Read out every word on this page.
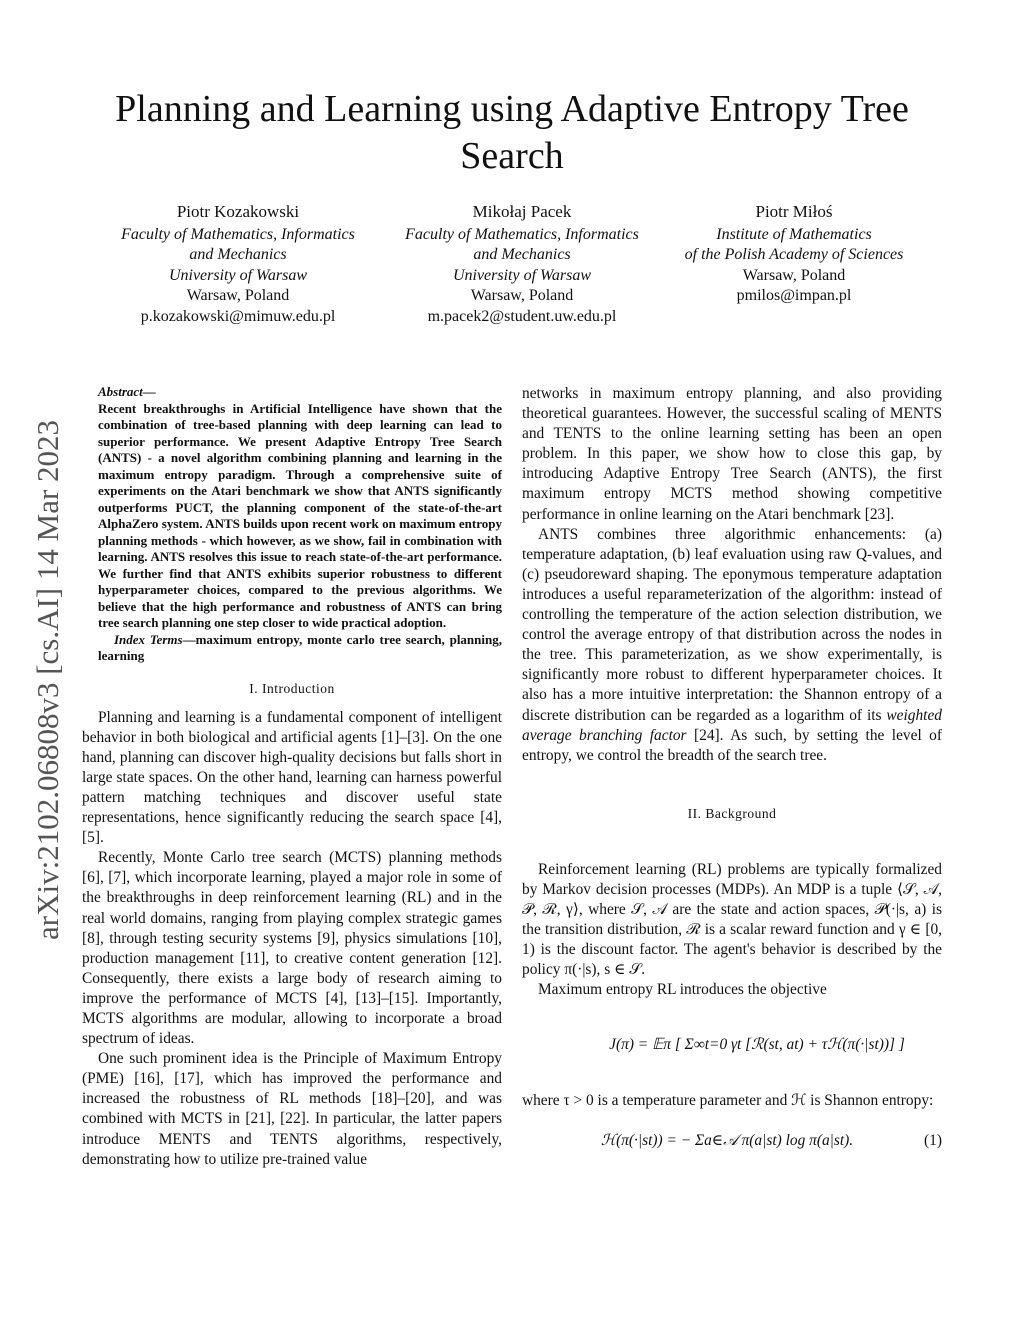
Planning and Learning using Adaptive Entropy Tree Search
Piotr Kozakowski
Faculty of Mathematics, Informatics
and Mechanics
University of Warsaw
Warsaw, Poland
p.kozakowski@mimuw.edu.pl
Mikołaj Pacek
Faculty of Mathematics, Informatics
and Mechanics
University of Warsaw
Warsaw, Poland
m.pacek2@student.uw.edu.pl
Piotr Miłoś
Institute of Mathematics
of the Polish Academy of Sciences
Warsaw, Poland
pmilos@impan.pl
arXiv:2102.06808v3 [cs.AI] 14 Mar 2023

Abstract—

Recent breakthroughs in Artificial Intelligence have shown that the combination of tree-based planning with deep learning can lead to superior performance. We present Adaptive Entropy Tree Search (ANTS) - a novel algorithm combining planning and learning in the maximum entropy paradigm. Through a comprehensive suite of experiments on the Atari benchmark we show that ANTS significantly outperforms PUCT, the planning component of the state-of-the-art AlphaZero system. ANTS builds upon recent work on maximum entropy planning methods - which however, as we show, fail in combination with learning. ANTS resolves this issue to reach state-of-the-art performance. We further find that ANTS exhibits superior robustness to different hyperparameter choices, compared to the previous algorithms. We believe that the high performance and robustness of ANTS can bring tree search planning one step closer to wide practical adoption.

Index Terms—maximum entropy, monte carlo tree search, planning, learning

I. Introduction

Planning and learning is a fundamental component of intelligent behavior in both biological and artificial agents [1]–[3]. On the one hand, planning can discover high-quality decisions but falls short in large state spaces. On the other hand, learning can harness powerful pattern matching techniques and discover useful state representations, hence significantly reducing the search space [4], [5].

Recently, Monte Carlo tree search (MCTS) planning methods [6], [7], which incorporate learning, played a major role in some of the breakthroughs in deep reinforcement learning (RL) and in the real world domains, ranging from playing complex strategic games [8], through testing security systems [9], physics simulations [10], production management [11], to creative content generation [12]. Consequently, there exists a large body of research aiming to improve the performance of MCTS [4], [13]–[15]. Importantly, MCTS algorithms are modular, allowing to incorporate a broad spectrum of ideas.

One such prominent idea is the Principle of Maximum Entropy (PME) [16], [17], which has improved the performance and increased the robustness of RL methods [18]–[20], and was combined with MCTS in [21], [22]. In particular, the latter papers introduce MENTS and TENTS algorithms, respectively, demonstrating how to utilize pre-trained value

networks in maximum entropy planning, and also providing theoretical guarantees. However, the successful scaling of MENTS and TENTS to the online learning setting has been an open problem. In this paper, we show how to close this gap, by introducing Adaptive Entropy Tree Search (ANTS), the first maximum entropy MCTS method showing competitive performance in online learning on the Atari benchmark [23].

ANTS combines three algorithmic enhancements: (a) temperature adaptation, (b) leaf evaluation using raw Q-values, and (c) pseudoreward shaping. The eponymous temperature adaptation introduces a useful reparameterization of the algorithm: instead of controlling the temperature of the action selection distribution, we control the average entropy of that distribution across the nodes in the tree. This parameterization, as we show experimentally, is significantly more robust to different hyperparameter choices. It also has a more intuitive interpretation: the Shannon entropy of a discrete distribution can be regarded as a logarithm of its weighted average branching factor [24]. As such, by setting the level of entropy, we control the breadth of the search tree.

II. Background

Reinforcement learning (RL) problems are typically formalized by Markov decision processes (MDPs). An MDP is a tuple ⟨𝒮, 𝒜, 𝒫, ℛ, γ⟩, where 𝒮, 𝒜 are the state and action spaces, 𝒫(·|s, a) is the transition distribution, ℛ is a scalar reward function and γ ∈ [0, 1) is the discount factor. The agent's behavior is described by the policy π(·|s), s ∈ 𝒮.

Maximum entropy RL introduces the objective

J(π) = 𝔼π [ Σ∞t=0 γt [ℛ(st, at) + τℋ(π(·|st))] ]

where τ > 0 is a temperature parameter and ℋ is Shannon entropy:

ℋ(π(·|st)) = − Σa∈𝒜 π(a|st) log π(a|st).	(1)
